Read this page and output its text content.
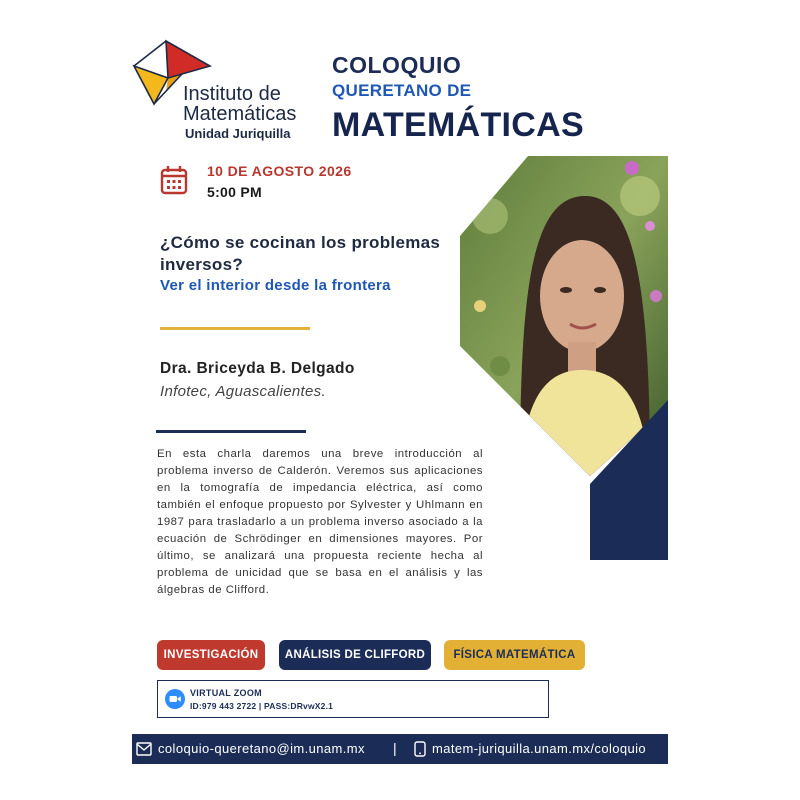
Instituto de
Matemáticas
Unidad Juriquilla
COLOQUIO
QUERETANO DE
MATEMÁTICAS
10 DE AGOSTO 2026
5:00 PM
¿Cómo se cocinan los problemas inversos?
Ver el interior desde la frontera
Dra. Briceyda B. Delgado
Infotec, Aguascalientes.
En esta charla daremos una breve introducción al problema inverso de Calderón. Veremos sus aplicaciones en la tomografía de impedancia eléctrica, así como también el enfoque propuesto por Sylvester y Uhlmann en 1987 para trasladarlo a un problema inverso asociado a la ecuación de Schrödinger en dimensiones mayores. Por último, se analizará una propuesta reciente hecha al problema de unicidad que se basa en el análisis y las álgebras de Clifford.
INVESTIGACIÓN	ANÁLISIS DE CLIFFORD	FÍSICA MATEMÁTICA
VIRTUAL ZOOM
ID:979 443 2722 | PASS:DRvwX2.1
coloquio-queretano@im.unam.mx |	matem-juriquilla.unam.mx/coloquio
